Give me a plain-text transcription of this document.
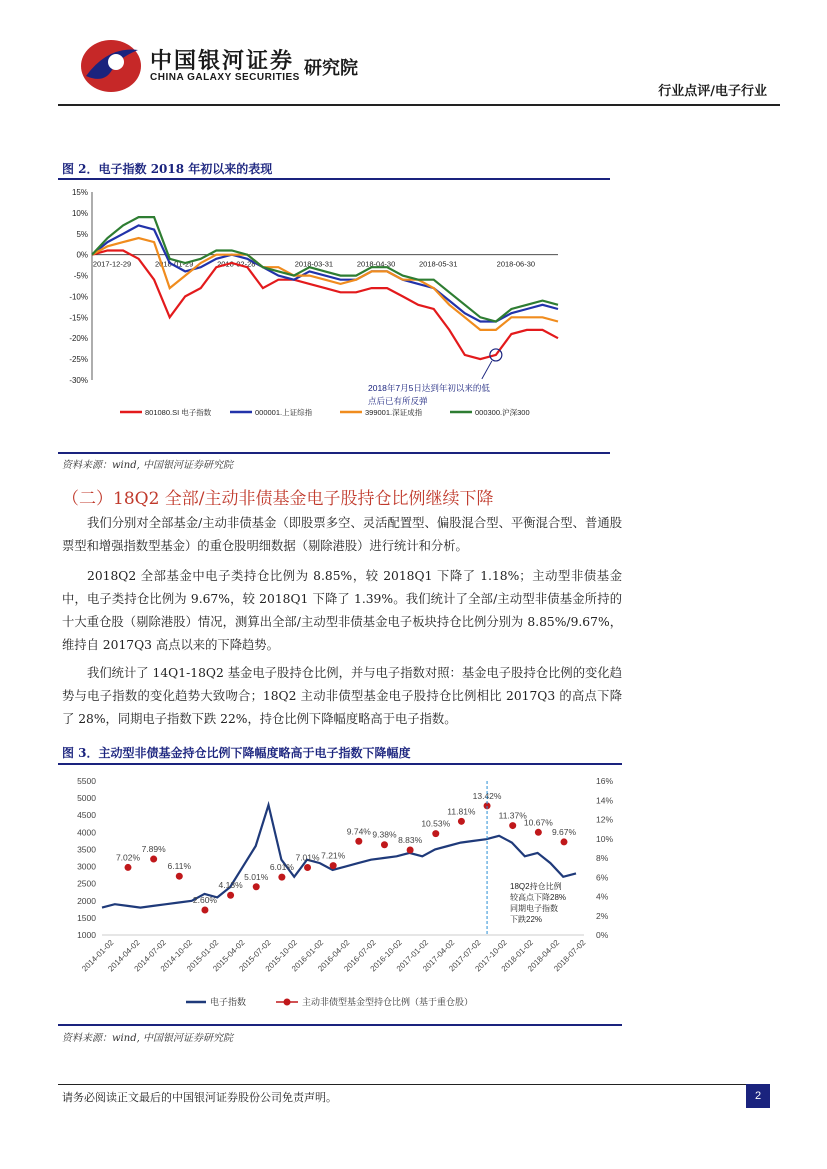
中国银河证券
CHINA GALAXY SECURITIES 研究院
行业点评/电子行业
图 2．电子指数 2018 年初以来的表现
15%
10%
5%
0%
-5%
-10%
-15%
-20%
-25%
-30%
2017-12-29	2018-01-29	2018-02-28	2018-03-31	2018-04-30	2018-05-31	2018-06-30
2018年7月5日达到年初以来的低
点后已有所反弹
801080.SI 电子指数	000001.上证综指	399001.深证成指	000300.沪深300
资料来源：wind, 中国银河证券研究院
（二）18Q2 全部/主动非债基金电子股持仓比例继续下降
我们分别对全部基金/主动非债基金（即股票多空、灵活配置型、偏股混合型、平衡混合型、普通股票型和增强指数型基金）的重仓股明细数据（剔除港股）进行统计和分析。
2018Q2 全部基金中电子类持仓比例为 8.85%，较 2018Q1 下降了 1.18%；主动型非债基金中，电子类持仓比例为 9.67%，较 2018Q1 下降了 1.39%。我们统计了全部/主动型非债基金所持的十大重仓股（剔除港股）情况，测算出全部/主动型非债基金电子板块持仓比例分别为 8.85%/9.67%，维持自 2017Q3 高点以来的下降趋势。
我们统计了 14Q1-18Q2 基金电子股持仓比例，并与电子指数对照：基金电子股持仓比例的变化趋势与电子指数的变化趋势大致吻合；18Q2 主动非债型基金电子股持仓比例相比 2017Q3 的高点下降了 28%，同期电子指数下跌 22%，持仓比例下降幅度略高于电子指数。
图 3．主动型非债基金持仓比例下降幅度略高于电子指数下降幅度
5500
5000
4500
4000
3500
3000
2500
2000
1500
1000
16%
14%
12%
10%
8%
6%
4%
2%
0%
2014-01-02
2014-04-02
2014-07-02
2014-10-02
2015-01-02
2015-04-02
2015-07-02
2015-10-02
2016-01-02
2016-04-02
2016-07-02
2016-10-02
2017-01-02
2017-04-02
2017-07-02
2017-10-02
2018-01-02
2018-04-02
2018-07-02
7.02%
7.89%
6.11%
2.60%
4.13%
5.01%
6.01%
7.01% 7.21%
9.74% 9.38%
8.83%
10.53%
11.81%
13.42%
11.37%
10.67%
9.67%
18Q2持仓比例
较高点下降28%
同期电子指数
下跌22%
电子指数	主动非债型基金型持仓比例（基于重仓股）
资料来源：wind, 中国银河证券研究院
请务必阅读正文最后的中国银河证券股份公司免责声明。	2
